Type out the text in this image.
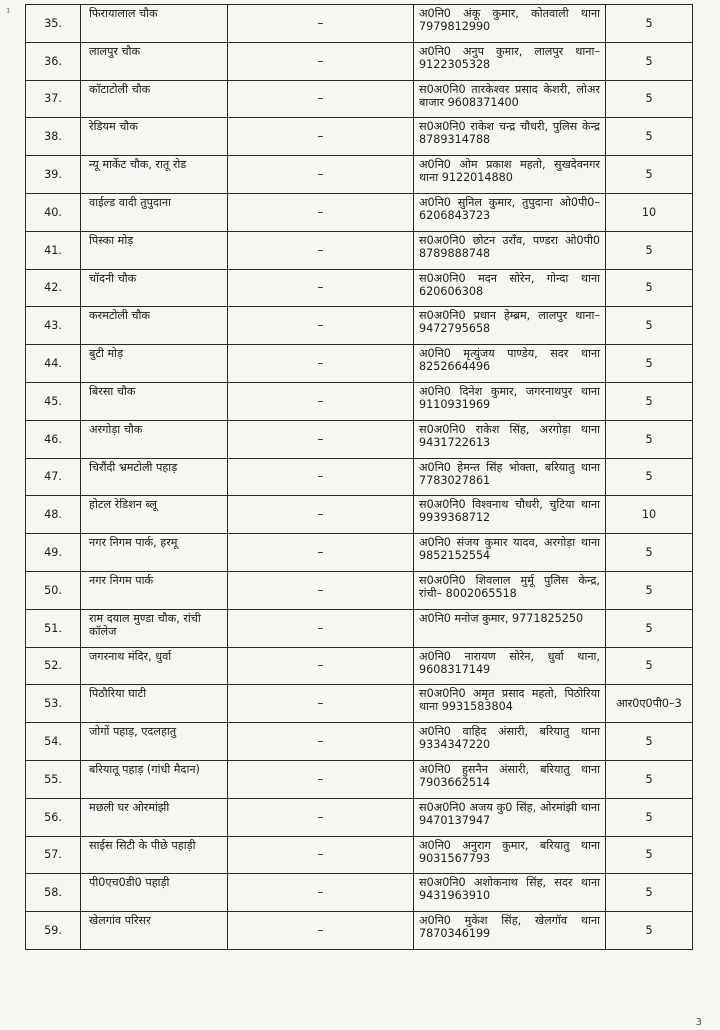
¹
35.	फिरायालाल चौक	–	अ0नि0 अंकू कुमार, कोतवाली थाना 7979812990	5
36.	लालपुर चौक	–	अ0नि0 अनुप कुमार, लालपुर थाना–9122305328	5
37.	कॉटाटोली चौक	–	स0अ0नि0 तारकेश्वर प्रसाद केशरी, लोअर बाजार 9608371400	5
38.	रेडियम चौक	–	स0अ0नि0 राकेश चन्द्र चौधरी, पुलिस केन्द्र 8789314788	5
39.	न्यू मार्केट चौक, रातू रोड	–	अ0नि0 ओम प्रकाश महतो, सुखदेवनगर थाना 9122014880	5
40.	वाईल्ड वादी तुपुदाना	–	अ0नि0 सुनिल कुमार, तुपुदाना ओ0पी0– 6206843723	10
41.	पिस्का मोड़	–	स0अ0नि0 छोटन उराँव, पण्डरा ओ0पी0 8789888748	5
42.	चॉदनी चौक	–	स0अ0नि0 मदन सोरेन, गोन्दा थाना 620606308	5
43.	करमटोली चौक	–	स0अ0नि0 प्रधान हेम्ब्रम, लालपुर थाना–9472795658	5
44.	बुटी मोड़	–	अ0नि0 मृत्युंजय पाण्डेय, सदर थाना 8252664496	5
45.	बिरसा चौक	–	अ0नि0 दिनेश कुमार, जगरनाथपुर थाना 9110931969	5
46.	अरगोड़ा चौक	–	स0अ0नि0 राकेश सिंह, अरगोड़ा थाना 9431722613	5
47.	चिरौंदी भ्रमटोली पहाड़	–	अ0नि0 हेमन्त सिंह भोक्ता, बरियातु थाना 7783027861	5
48.	होटल रेडिशन ब्लू	–	स0अ0नि0 विश्वनाथ चौधरी, चुटिया थाना 9939368712	10
49.	नगर निगम पार्क, हरमू	–	अ0नि0 संजय कुमार यादव, अरगोड़ा थाना 9852152554	5
50.	नगर निगम पार्क	–	स0अ0नि0 शिवलाल मुर्मू पुलिस केन्द्र, रांची– 8002065518	5
51.	राम दयाल मुण्डा चौक, रांची कॉलेज	–	अ0नि0 मनोज कुमार, 9771825250	5
52.	जगरनाथ मंदिर, धुर्वा	–	अ0नि0 नारायण सोरेन, धुर्वा थाना, 9608317149	5
53.	पिठौरिया घाटी	–	स0अ0नि0 अमृत प्रसाद महतो, पिठोरिया थाना 9931583804	आर0ए0पी0–3
54.	जोगों पहाड़, एदलहातु	–	अ0नि0 वाहिद अंसारी, बरियातु थाना 9334347220	5
55.	बरियातू पहाड़ (गांधी मैदान)	–	अ0नि0 हुसनैन अंसारी, बरियातु थाना 7903662514	5
56.	मछली घर ओरमांझी	–	स0अ0नि0 अजय कु0 सिंह, ओरमांझी थाना 9470137947	5
57.	साईस सिटी के पीछे पहाड़ी	–	अ0नि0 अनुराग कुमार, बरियातु थाना 9031567793	5
58.	पी0एच0डी0 पहाड़ी	–	स0अ0नि0 अशोकनाथ सिंह, सदर थाना 9431963910	5
59.	खेलगांव परिसर	–	अ0नि0 मुकेश सिंह, खेलगॉव थाना 7870346199	5
3
